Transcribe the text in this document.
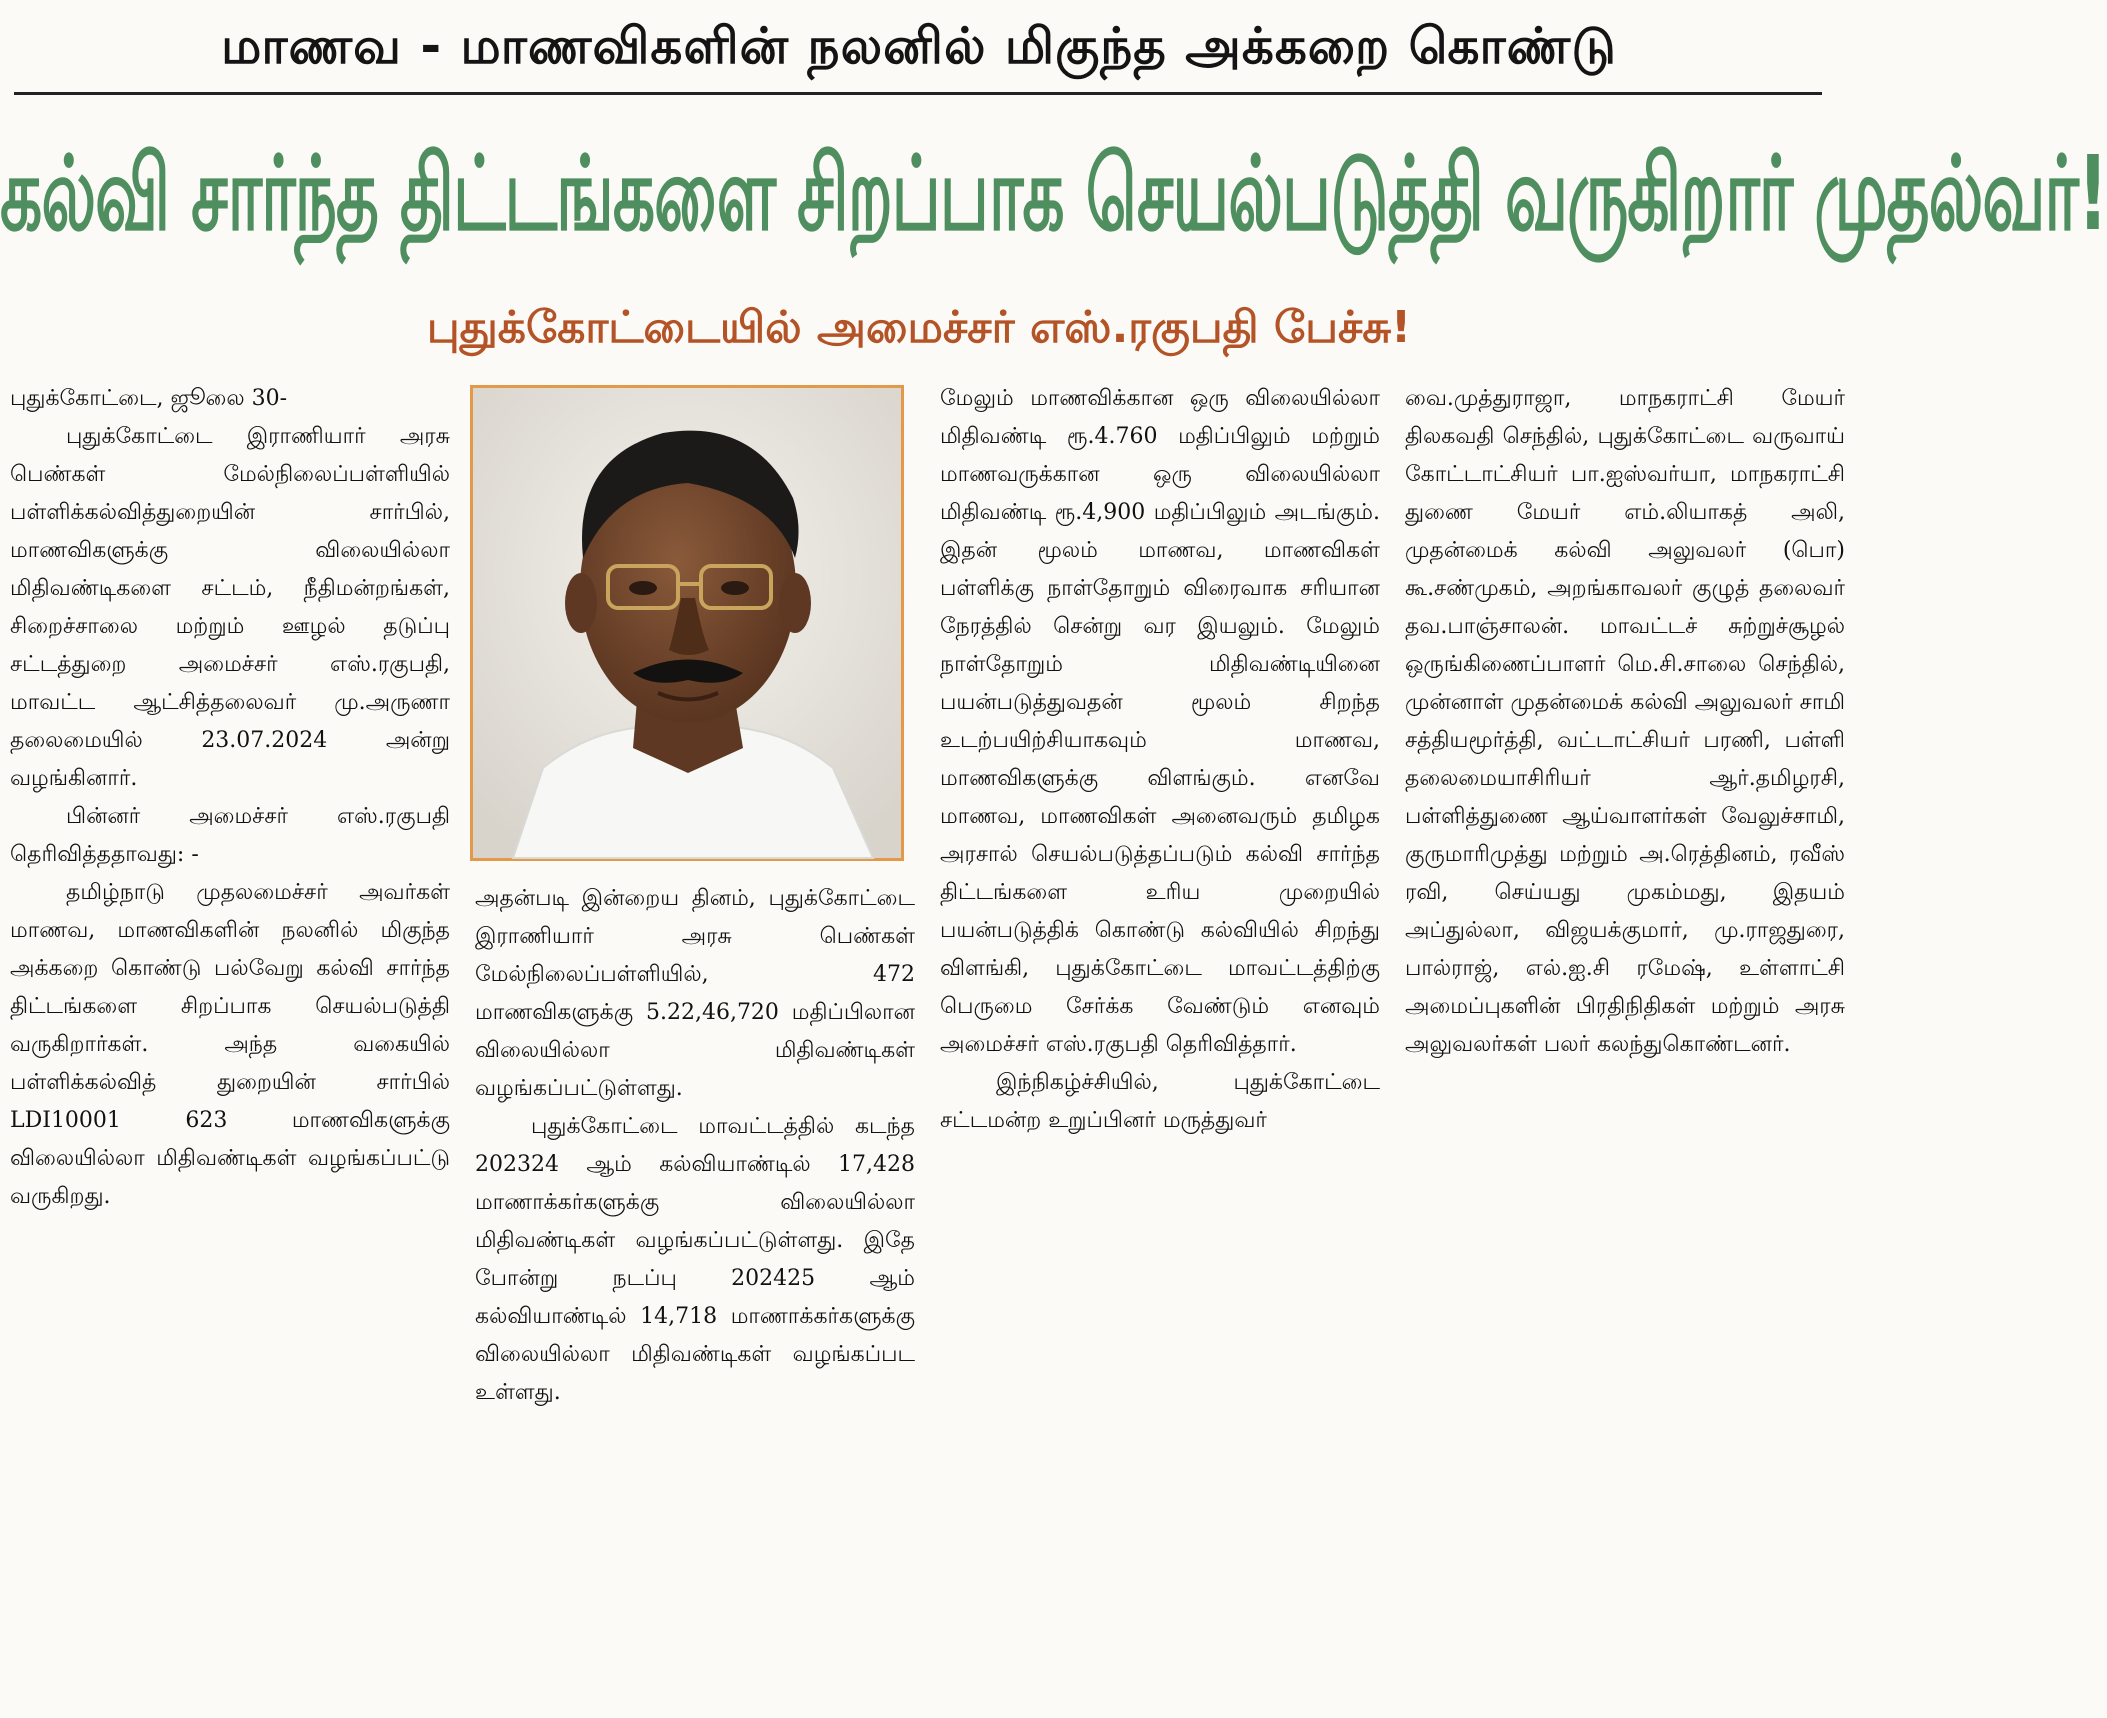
மாணவ - மாணவிகளின் நலனில் மிகுந்த அக்கறை கொண்டு
கல்வி சார்ந்த திட்டங்களை சிறப்பாக செயல்படுத்தி வருகிறார் முதல்வர்!
புதுக்கோட்டையில் அமைச்சர் எஸ்.ரகுபதி பேச்சு!

புதுக்கோட்டை, ஜூலை 30-

புதுக்கோட்டை இராணியார் அரசு பெண்கள் மேல்நிலைப்பள்ளியில் பள்ளிக்கல்வித்துறையின் சார்பில், மாணவிகளுக்கு விலையில்லா மிதிவண்டிகளை சட்டம், நீதிமன்றங்கள், சிறைச்சாலை மற்றும் ஊழல் தடுப்பு சட்டத்துறை அமைச்சர் எஸ்.ரகுபதி, மாவட்ட ஆட்சித்தலைவர் மு.அருணா தலைமையில் 23.07.2024 அன்று வழங்கினார்.

பின்னர் அமைச்சர் எஸ்.ரகுபதி தெரிவித்ததாவது: -

தமிழ்நாடு முதலமைச்சர் அவர்கள் மாணவ, மாணவிகளின் நலனில் மிகுந்த அக்கறை கொண்டு பல்வேறு கல்வி சார்ந்த திட்டங்களை சிறப்பாக செயல்படுத்தி வருகிறார்கள். அந்த வகையில் பள்ளிக்கல்வித் துறையின் சார்பில் LDI10001 623 மாணவிகளுக்கு விலையில்லா மிதிவண்டிகள் வழங்கப்பட்டு வருகிறது.

அதன்படி இன்றைய தினம், புதுக்கோட்டை இராணியார் அரசு பெண்கள் மேல்நிலைப்பள்ளியில், 472 மாணவிகளுக்கு 5.22,46,720 மதிப்பிலான விலையில்லா மிதிவண்டிகள் வழங்கப்பட்டுள்ளது.

புதுக்கோட்டை மாவட்டத்தில் கடந்த 202324 ஆம் கல்வியாண்டில் 17,428 மாணாக்கர்களுக்கு விலையில்லா மிதிவண்டிகள் வழங்கப்பட்டுள்ளது. இதே போன்று நடப்பு 202425 ஆம் கல்வியாண்டில் 14,718 மாணாக்கர்களுக்கு விலையில்லா மிதிவண்டிகள் வழங்கப்பட உள்ளது.

மேலும் மாணவிக்கான ஒரு விலையில்லா மிதிவண்டி ரூ.4.760 மதிப்பிலும் மற்றும் மாணவருக்கான ஒரு விலையில்லா மிதிவண்டி ரூ.4,900 மதிப்பிலும் அடங்கும். இதன் மூலம் மாணவ, மாணவிகள் பள்ளிக்கு நாள்தோறும் விரைவாக சரியான நேரத்தில் சென்று வர இயலும். மேலும் நாள்தோறும் மிதிவண்டியினை பயன்படுத்துவதன் மூலம் சிறந்த உடற்பயிற்சியாகவும் மாணவ, மாணவிகளுக்கு விளங்கும். எனவே மாணவ, மாணவிகள் அனைவரும் தமிழக அரசால் செயல்படுத்தப்படும் கல்வி சார்ந்த திட்டங்களை உரிய முறையில் பயன்படுத்திக் கொண்டு கல்வியில் சிறந்து விளங்கி, புதுக்கோட்டை மாவட்டத்திற்கு பெருமை சேர்க்க வேண்டும் எனவும் அமைச்சர் எஸ்.ரகுபதி தெரிவித்தார்.

இந்நிகழ்ச்சியில், புதுக்கோட்டை சட்டமன்ற உறுப்பினர் மருத்துவர்

வை.முத்துராஜா, மாநகராட்சி மேயர் திலகவதி செந்தில், புதுக்கோட்டை வருவாய் கோட்டாட்சியர் பா.ஐஸ்வர்யா, மாநகராட்சி துணை மேயர் எம்.லியாகத் அலி, முதன்மைக் கல்வி அலுவலர் (பொ) கூ.சண்முகம், அறங்காவலர் குழுத் தலைவர் தவ.பாஞ்சாலன். மாவட்டச் சுற்றுச்சூழல் ஒருங்கிணைப்பாளர் மெ.சி.சாலை செந்தில், முன்னாள் முதன்மைக் கல்வி அலுவலர் சாமி சத்தியமூர்த்தி, வட்டாட்சியர் பரணி, பள்ளி தலைமையாசிரியர் ஆர்.தமிழரசி, பள்ளித்துணை ஆய்வாளர்கள் வேலுச்சாமி, குருமாரிமுத்து மற்றும் அ.ரெத்தினம், ரவீஸ் ரவி, செய்யது முகம்மது, இதயம் அப்துல்லா, விஜயக்குமார், மு.ராஜதுரை, பால்ராஜ், எல்.ஐ.சி ரமேஷ், உள்ளாட்சி அமைப்புகளின் பிரதிநிதிகள் மற்றும் அரசு அலுவலர்கள் பலர் கலந்துகொண்டனர்.
